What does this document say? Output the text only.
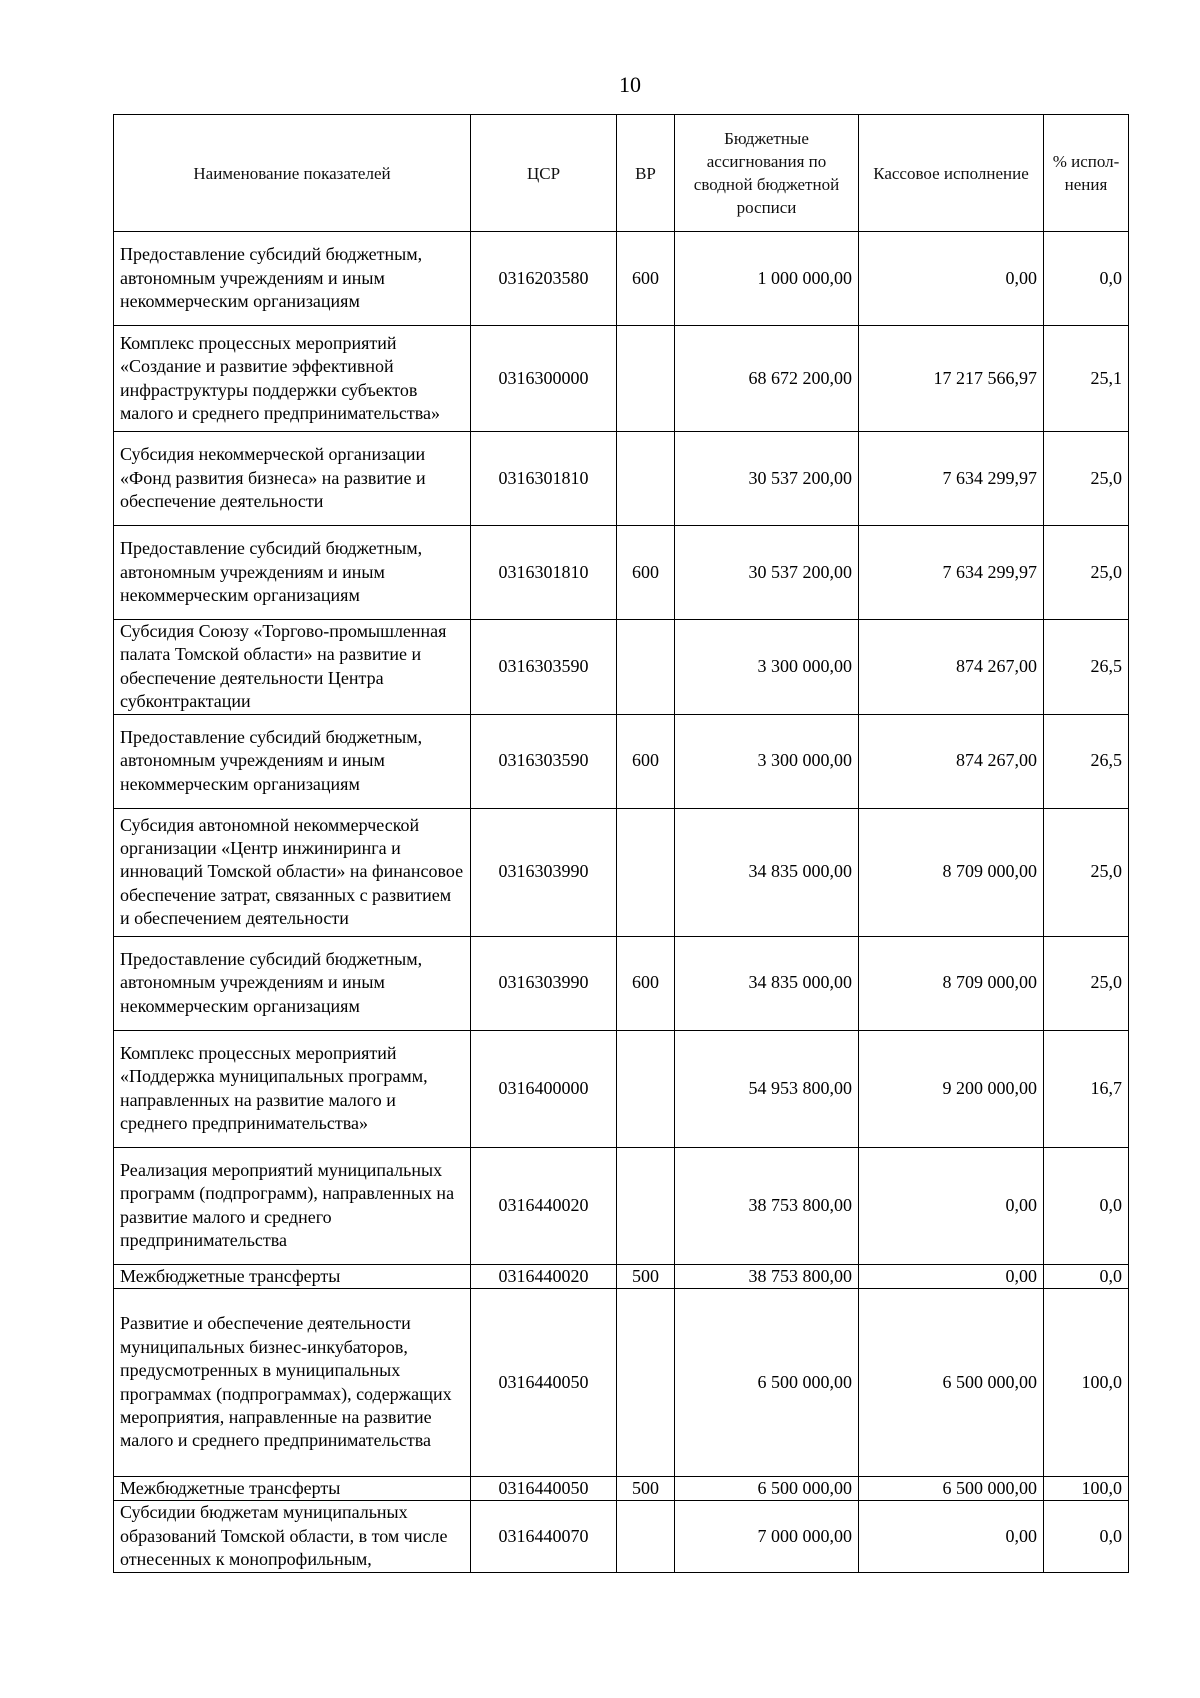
10
Наименование показателей	ЦСР	ВР	Бюджетные ассигнования по сводной бюджетной росписи	Кассовое исполнение	% испол-нения
Предоставление субсидий бюджетным, автономным учреждениям и иным некоммерческим организациям	0316203580	600	1 000 000,00	0,00	0,0
Комплекс процессных мероприятий «Создание и развитие эффективной инфраструктуры поддержки субъектов малого и среднего предпринимательства»	0316300000		68 672 200,00	17 217 566,97	25,1
Субсидия некоммерческой организации «Фонд развития бизнеса» на развитие и обеспечение деятельности	0316301810		30 537 200,00	7 634 299,97	25,0
Предоставление субсидий бюджетным, автономным учреждениям и иным некоммерческим организациям	0316301810	600	30 537 200,00	7 634 299,97	25,0
Субсидия Союзу «Торгово-промышленная палата Томской области» на развитие и обеспечение деятельности Центра субконтрактации	0316303590		3 300 000,00	874 267,00	26,5
Предоставление субсидий бюджетным, автономным учреждениям и иным некоммерческим организациям	0316303590	600	3 300 000,00	874 267,00	26,5
Субсидия автономной некоммерческой организации «Центр инжиниринга и инноваций Томской области» на финансовое обеспечение затрат, связанных с развитием и обеспечением деятельности	0316303990		34 835 000,00	8 709 000,00	25,0
Предоставление субсидий бюджетным, автономным учреждениям и иным некоммерческим организациям	0316303990	600	34 835 000,00	8 709 000,00	25,0
Комплекс процессных мероприятий «Поддержка муниципальных программ, направленных на развитие малого и среднего предпринимательства»	0316400000		54 953 800,00	9 200 000,00	16,7
Реализация мероприятий муниципальных программ (подпрограмм), направленных на развитие малого и среднего предпринимательства	0316440020		38 753 800,00	0,00	0,0
Межбюджетные трансферты	0316440020	500	38 753 800,00	0,00	0,0
Развитие и обеспечение деятельности муниципальных бизнес-инкубаторов, предусмотренных в муниципальных программах (подпрограммах), содержащих мероприятия, направленные на развитие малого и среднего предпринимательства	0316440050		6 500 000,00	6 500 000,00	100,0
Межбюджетные трансферты	0316440050	500	6 500 000,00	6 500 000,00	100,0
Субсидии бюджетам муниципальных образований Томской области, в том числе отнесенных к монопрофильным,	0316440070		7 000 000,00	0,00	0,0
